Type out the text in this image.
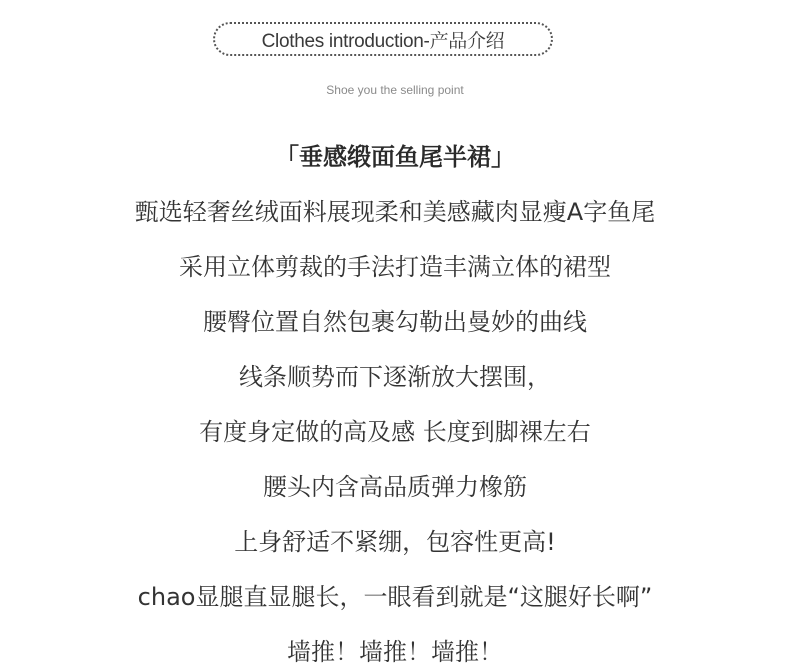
Clothes introduction-产品介绍
Shoe you the selling point
「垂感缎面鱼尾半裙」
甄选轻奢丝绒面料展现柔和美感藏肉显瘦A字鱼尾
采用立体剪裁的手法打造丰满立体的裙型
腰臀位置自然包裹勾勒出曼妙的曲线
线条顺势而下逐渐放大摆围，
有度身定做的高及感 长度到脚裸左右
腰头内含高品质弹力橡筋
上身舒适不紧绷，包容性更高!
chao显腿直显腿长，一眼看到就是“这腿好长啊”
墙推！墙推！墙推！
